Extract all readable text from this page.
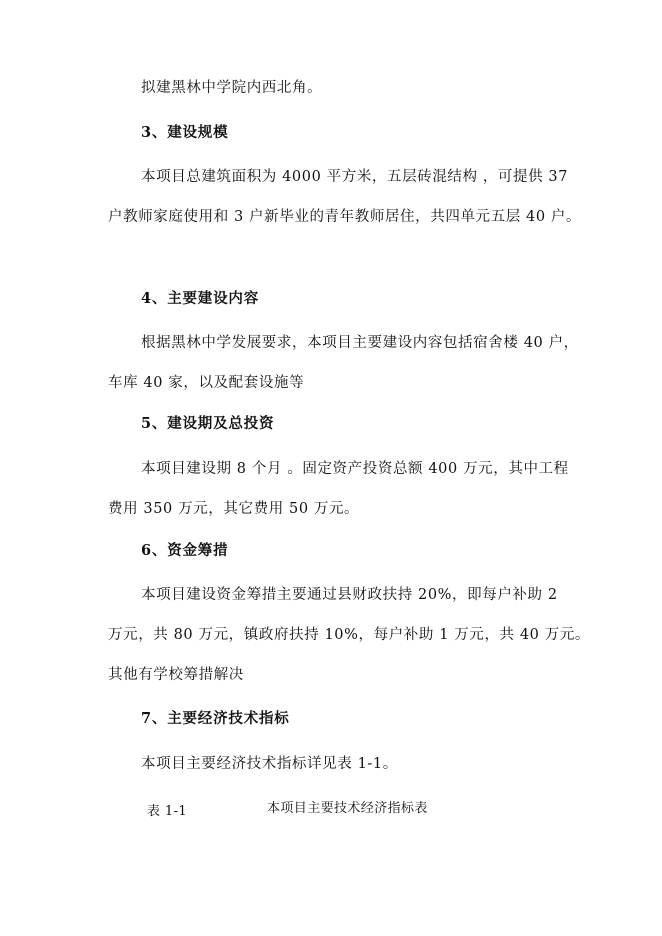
拟建黑林中学院内西北角。
3、建设规模
本项目总建筑面积为 4000 平方米，五层砖混结构 ，可提供 37
户教师家庭使用和 3 户新毕业的青年教师居住，共四单元五层 40 户。
4、主要建设内容
根据黑林中学发展要求，本项目主要建设内容包括宿舍楼 40 户，
车库 40 家，以及配套设施等
5、建设期及总投资
本项目建设期 8 个月 。固定资产投资总额 400 万元，其中工程
费用 350 万元，其它费用 50 万元。
6、资金筹措
本项目建设资金筹措主要通过县财政扶持 20%，即每户补助 2
万元，共 80 万元，镇政府扶持 10%，每户补助 1 万元，共 40 万元。
其他有学校筹措解决
7、主要经济技术指标
本项目主要经济技术指标详见表 1-1。
表 1-1	本项目主要技术经济指标表
